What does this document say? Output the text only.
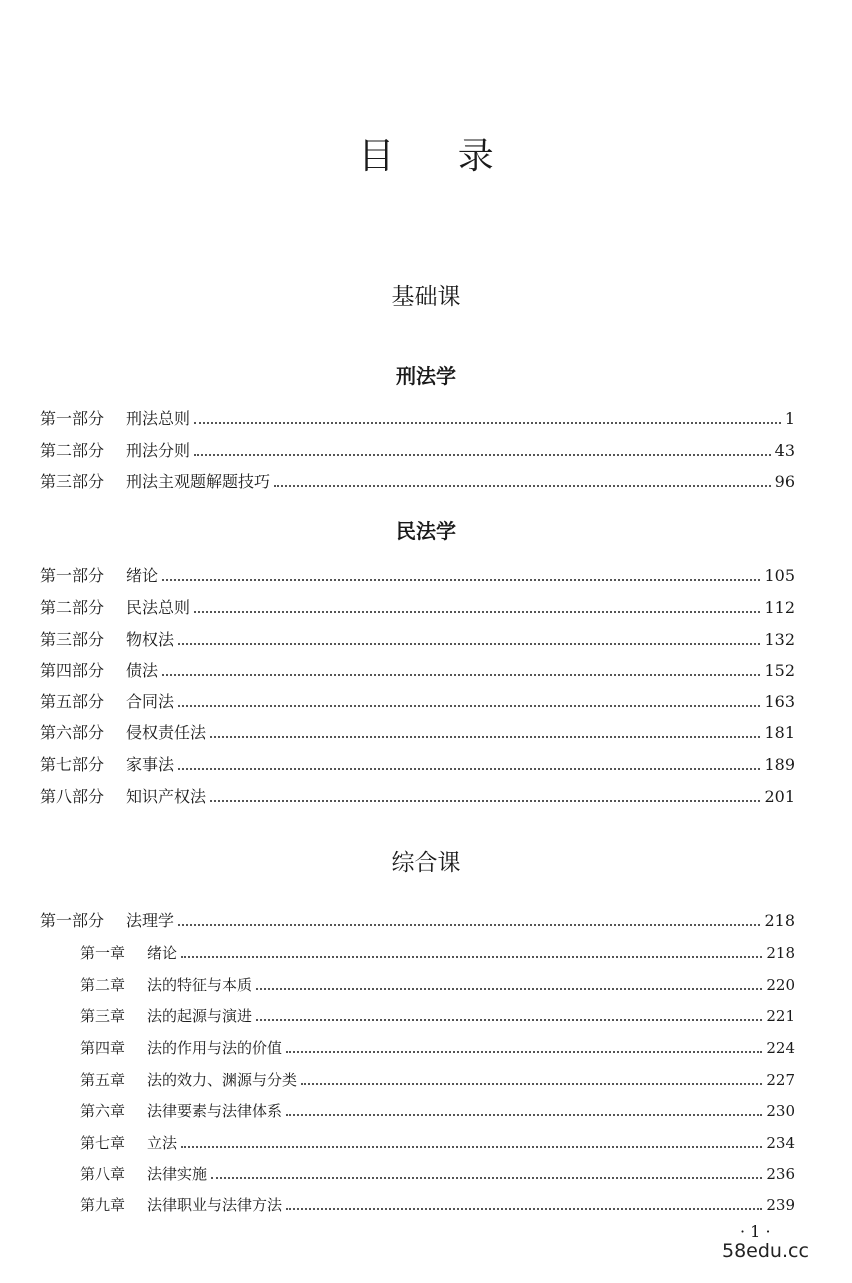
目 录
基础课
刑法学
第一部分 刑法总则	1
第二部分 刑法分则	43
第三部分 刑法主观题解题技巧	96
民法学
第一部分 绪论	105
第二部分 民法总则	112
第三部分 物权法	132
第四部分 债法	152
第五部分 合同法	163
第六部分 侵权责任法	181
第七部分 家事法	189
第八部分 知识产权法	201
综合课
第一部分 法理学	218
第一章 绪论	218
第二章 法的特征与本质	220
第三章 法的起源与演进	221
第四章 法的作用与法的价值	224
第五章 法的效力、渊源与分类	227
第六章 法律要素与法律体系	230
第七章 立法	234
第八章 法律实施	236
第九章 法律职业与法律方法	239
· 1 ·
58edu.cc
